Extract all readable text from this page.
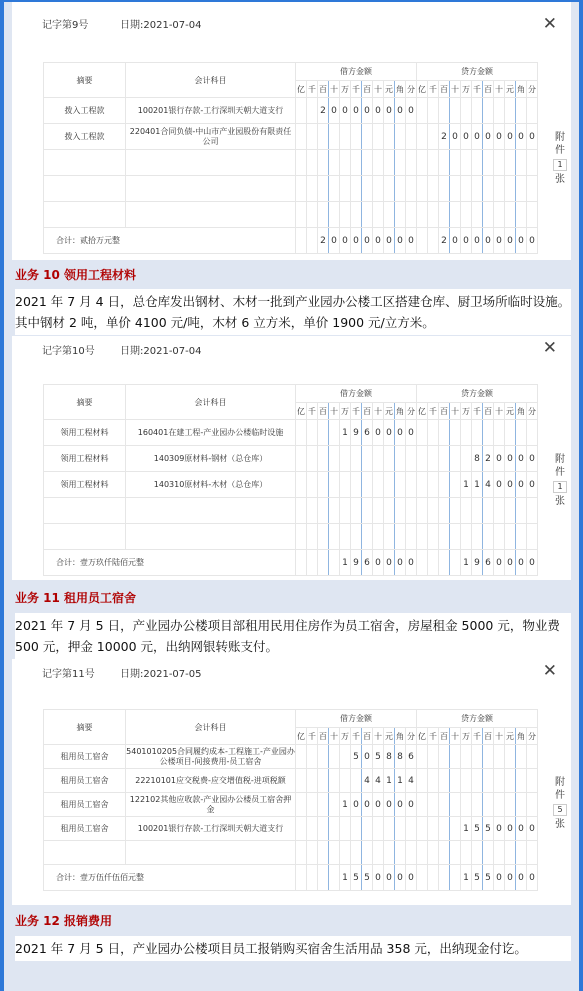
记字第9号	日期:2021-07-04	✕
摘要	会计科目	借方金额											贷方金额										
		亿	千	百	十	万	千	百	十	元	角	分	亿	千	百	十	万	千	百	十	元	角	分
拨入工程款	100201银行存款-工行深圳天朝大道支行			2	0	0	0	0	0	0	0	0											
拨入工程款	220401合同负债-中山市产业园股份有限责任公司														2	0	0	0	0	0	0	0	0

合计：贰拾万元整				2	0	0	0	0	0	0	0	0			2	0	0	0	0	0	0	0	0
附
件
1
张
业务 10 领用工程材料
2021 年 7 月 4 日，总仓库发出钢材、木材一批到产业园办公楼工区搭建仓库、厨卫场所临时设施。其中钢材 2 吨，单价 4100 元/吨，木材 6 立方米，单价 1900 元/立方米。
记字第10号	日期:2021-07-04	✕
摘要	会计科目	借方金额											贷方金额										
		亿	千	百	十	万	千	百	十	元	角	分	亿	千	百	十	万	千	百	十	元	角	分
领用工程材料	160401在建工程-产业园办公楼临时设施					1	9	6	0	0	0	0											
领用工程材料	140309原材料-钢材（总仓库）																	8	2	0	0	0	0
领用工程材料	140310原材料-木材（总仓库）																1	1	4	0	0	0	0

合计：壹万玖仟陆佰元整						1	9	6	0	0	0	0					1	9	6	0	0	0	0
附
件
1
张
业务 11 租用员工宿舍
2021 年 7 月 5 日，产业园办公楼项目部租用民用住房作为员工宿舍，房屋租金 5000 元，物业费 500 元，押金 10000 元，出纳网银转账支付。
记字第11号	日期:2021-07-05	✕
摘要	会计科目	借方金额											贷方金额										
		亿	千	百	十	万	千	百	十	元	角	分	亿	千	百	十	万	千	百	十	元	角	分
租用员工宿舍	5401010205合同履约成本-工程施工-产业园办公楼项目-间接费用-员工宿舍						5	0	5	8	8	6											
租用员工宿舍	22210101应交税费-应交增值税-进项税额							4	4	1	1	4											
租用员工宿舍	122102其他应收款-产业园办公楼员工宿舍押金					1	0	0	0	0	0	0											
租用员工宿舍	100201银行存款-工行深圳天朝大道支行																1	5	5	0	0	0	0

合计：壹万伍仟伍佰元整						1	5	5	0	0	0	0					1	5	5	0	0	0	0
附
件
5
张
业务 12 报销费用
2021 年 7 月 5 日，产业园办公楼项目员工报销购买宿舍生活用品 358 元，出纳现金付讫。
